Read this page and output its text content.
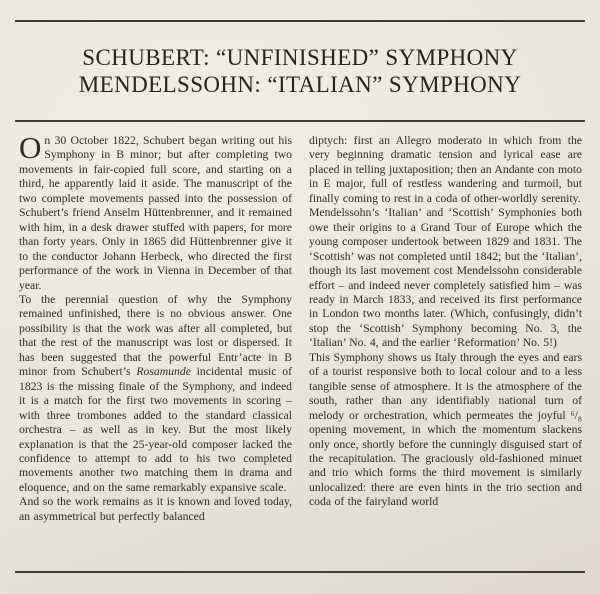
SCHUBERT: “UNFINISHED” SYMPHONY
MENDELSSOHN: “ITALIAN” SYMPHONY

On 30 October 1822, Schubert began writing out his Symphony in B minor; but after completing two movements in fair-copied full score, and starting on a third, he apparently laid it aside. The manuscript of the two complete movements passed into the possession of Schubert’s friend Anselm Hüttenbrenner, and it remained with him, in a desk drawer stuffed with papers, for more than forty years. Only in 1865 did Hüttenbrenner give it to the conductor Johann Herbeck, who directed the first performance of the work in Vienna in December of that year.

To the perennial question of why the Symphony remained unfinished, there is no obvious answer. One possibility is that the work was after all completed, but that the rest of the manuscript was lost or dispersed. It has been suggested that the powerful Entr’acte in B minor from Schubert’s Rosamunde incidental music of 1823 is the missing finale of the Symphony, and indeed it is a match for the first two movements in scoring – with three trombones added to the standard classical orchestra – as well as in key. But the most likely explanation is that the 25-year-old composer lacked the confidence to attempt to add to his two completed movements another two matching them in drama and eloquence, and on the same remarkably expansive scale.

And so the work remains as it is known and loved today, an asymmetrical but perfectly balanced

diptych: first an Allegro moderato in which from the very beginning dramatic tension and lyrical ease are placed in telling juxtaposition; then an Andante con moto in E major, full of restless wandering and turmoil, but finally coming to rest in a coda of other-worldly serenity.

Mendelssohn’s ‘Italian’ and ‘Scottish’ Symphonies both owe their origins to a Grand Tour of Europe which the young composer undertook between 1829 and 1831. The ‘Scottish’ was not completed until 1842; but the ‘Italian’, though its last movement cost Mendelssohn considerable effort – and indeed never completely satisfied him – was ready in March 1833, and received its first performance in London two months later. (Which, confusingly, didn’t stop the ‘Scottish’ Symphony becoming No. 3, the ‘Italian’ No. 4, and the earlier ‘Reformation’ No. 5!)

This Symphony shows us Italy through the eyes and ears of a tourist responsive both to local colour and to a less tangible sense of atmosphere. It is the atmosphere of the south, rather than any identifiably national turn of melody or orchestration, which permeates the joyful ⁶/₈ opening movement, in which the momentum slackens only once, shortly before the cunningly disguised start of the recapitulation. The graciously old-fashioned minuet and trio which forms the third movement is similarly unlocalized: there are even hints in the trio section and coda of the fairyland world
